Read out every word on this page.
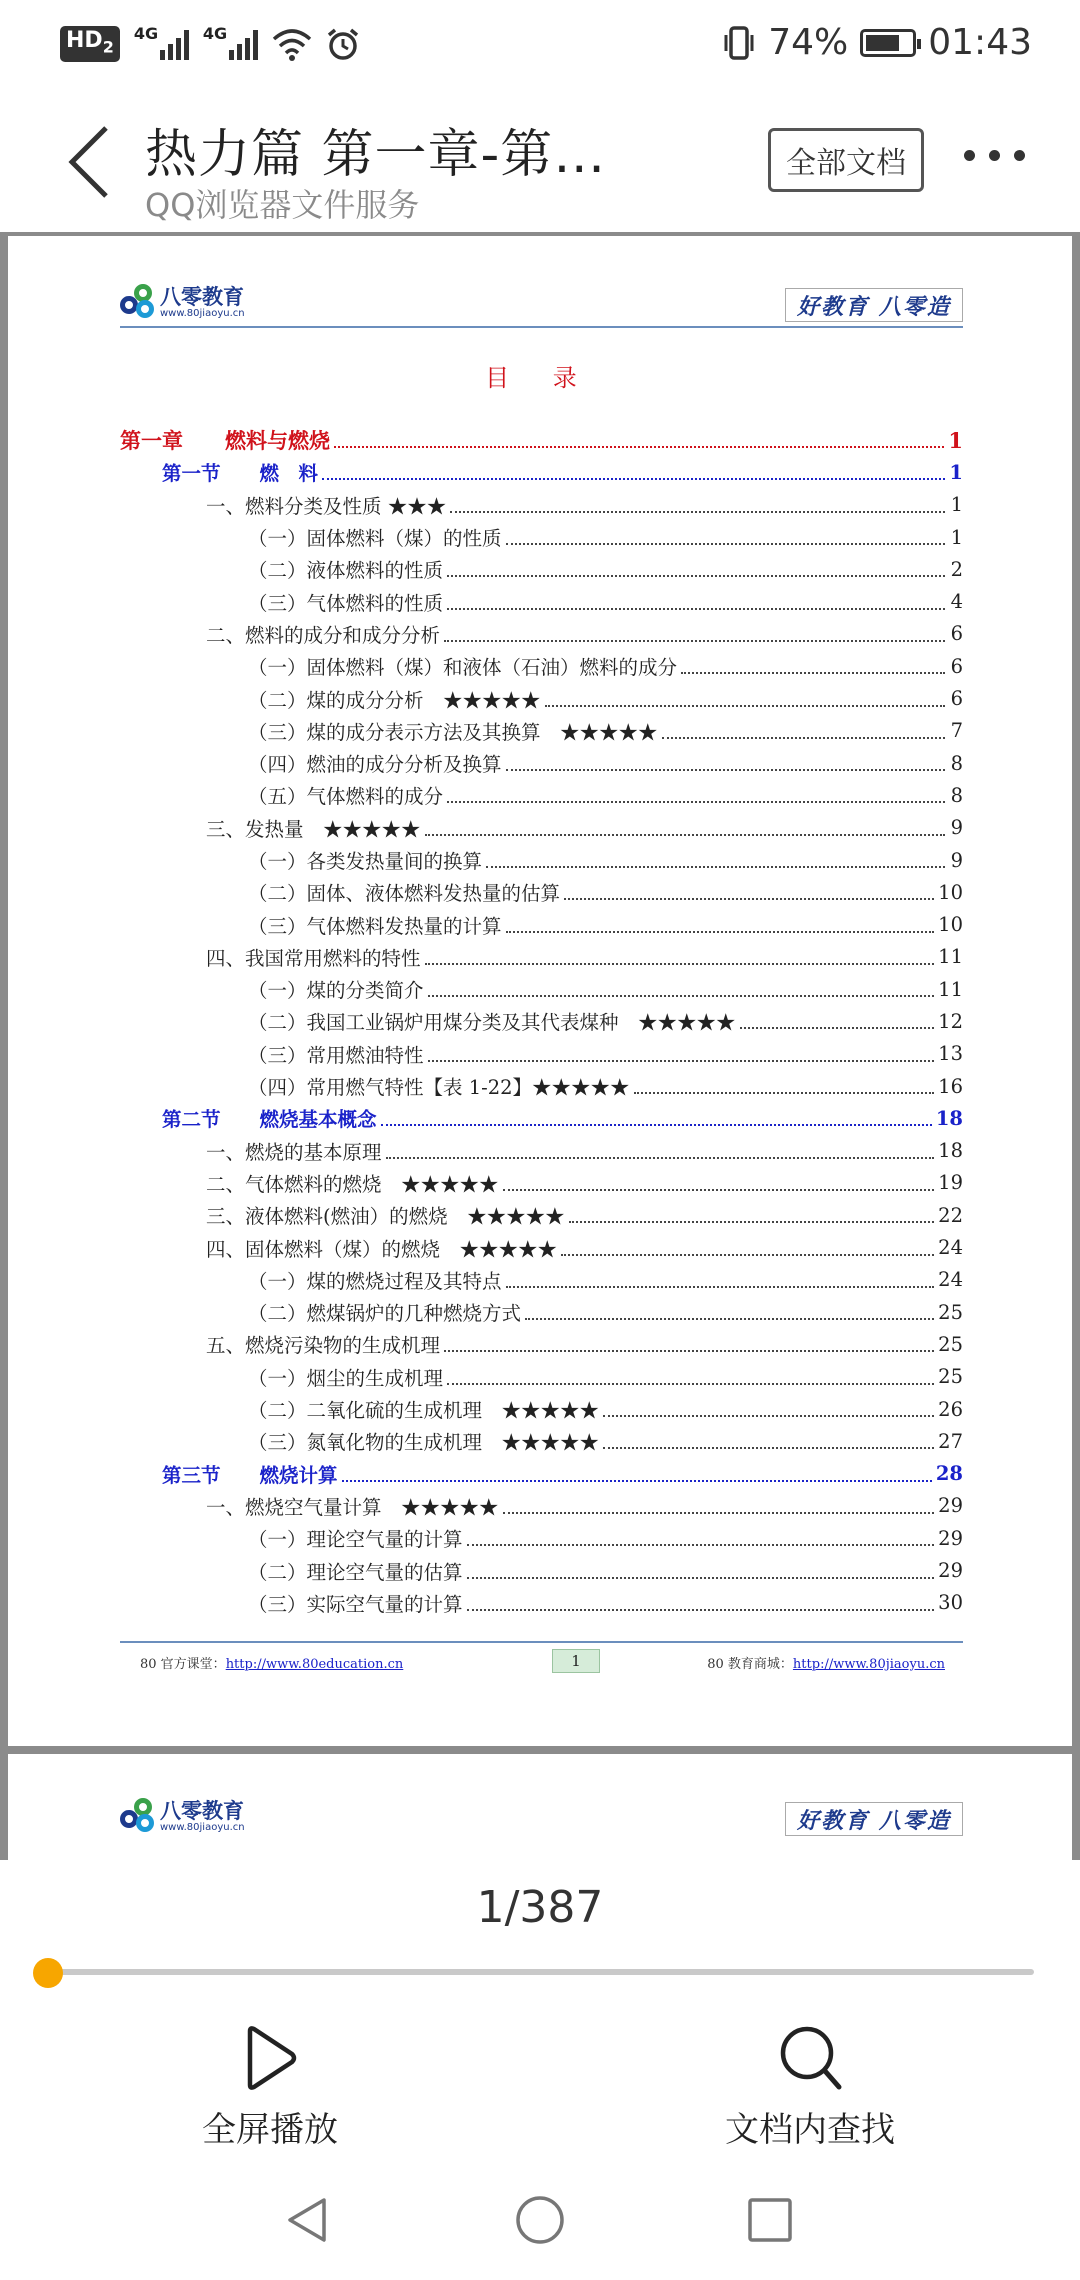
$HD_2$
4G	4G	74% 01:43
热力篇 第一章-第…
QQ浏览器文件服务
全部文档
八零教育
www.80jiaoyu.cn	好教育 八零造
目 录
第一章　　燃料与燃烧	1
第一节　　燃　料	1
一、燃料分类及性质 ★★★	1
（一）固体燃料（煤）的性质	1
（二）液体燃料的性质	2
（三）气体燃料的性质	4
二、燃料的成分和成分分析	6
（一）固体燃料（煤）和液体（石油）燃料的成分	6
（二）煤的成分分析　★★★★★	6
（三）煤的成分表示方法及其换算　★★★★★	7
（四）燃油的成分分析及换算	8
（五）气体燃料的成分	8
三、发热量　★★★★★	9
（一）各类发热量间的换算	9
（二）固体、液体燃料发热量的估算	10
（三）气体燃料发热量的计算	10
四、我国常用燃料的特性	11
（一）煤的分类简介	11
（二）我国工业锅炉用煤分类及其代表煤种　★★★★★	12
（三）常用燃油特性	13
（四）常用燃气特性【表 1-22】★★★★★	16
第二节　　燃烧基本概念	18
一、燃烧的基本原理	18
二、气体燃料的燃烧　★★★★★	19
三、液体燃料(燃油）的燃烧　★★★★★	22
四、固体燃料（煤）的燃烧　★★★★★	24
（一）煤的燃烧过程及其特点	24
（二）燃煤锅炉的几种燃烧方式	25
五、燃烧污染物的生成机理	25
（一）烟尘的生成机理	25
（二）二氧化硫的生成机理　★★★★★	26
（三）氮氧化物的生成机理　★★★★★	27
第三节　　燃烧计算	28
一、燃烧空气量计算　★★★★★	29
（一）理论空气量的计算	29
（二）理论空气量的估算	29
（三）实际空气量的计算	30
80 官方课堂：http://www.80education.cn	1	80 教育商城：http://www.80jiaoyu.cn
八零教育
www.80jiaoyu.cn	好教育 八零造
1/387
全屏播放	文档内查找
